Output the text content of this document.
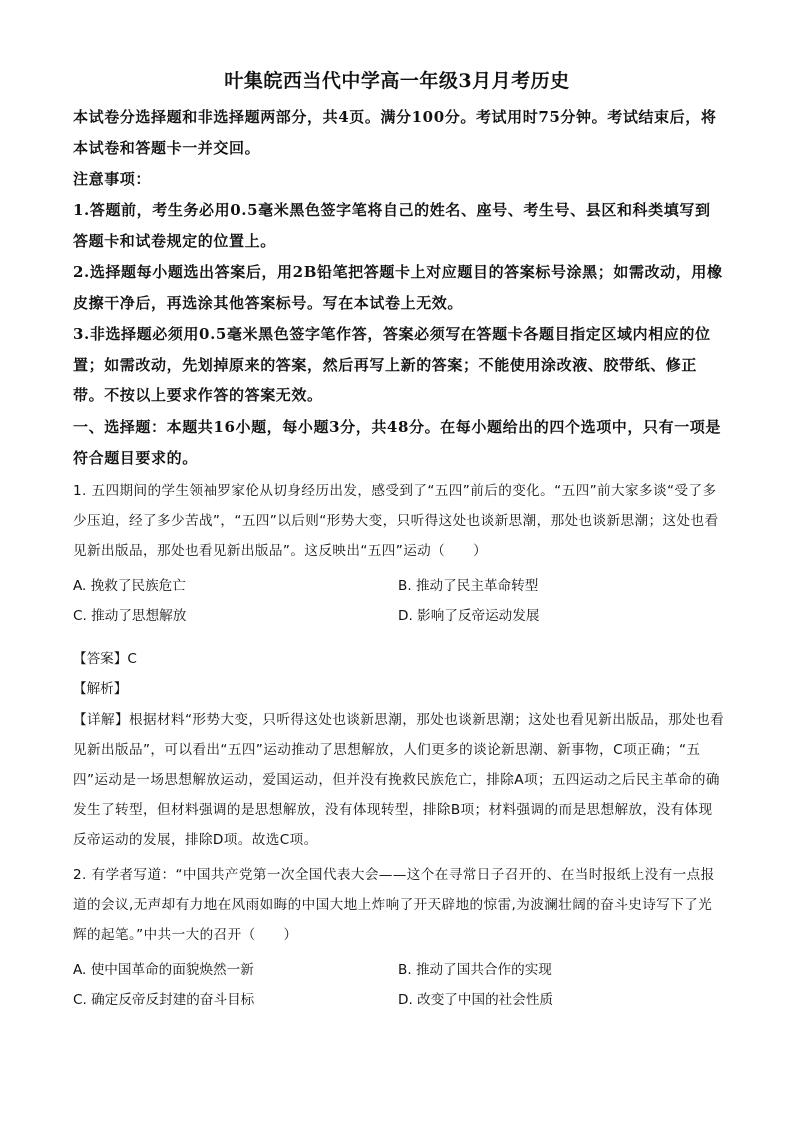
叶集皖西当代中学高一年级3月月考历史
本试卷分选择题和非选择题两部分，共4页。满分100分。考试用时75分钟。考试结束后，将本试卷和答题卡一并交回。
注意事项：
1.答题前，考生务必用0.5毫米黑色签字笔将自己的姓名、座号、考生号、县区和科类填写到答题卡和试卷规定的位置上。
2.选择题每小题选出答案后，用2B铅笔把答题卡上对应题目的答案标号涂黑；如需改动，用橡皮擦干净后，再选涂其他答案标号。写在本试卷上无效。
3.非选择题必须用0.5毫米黑色签字笔作答，答案必须写在答题卡各题目指定区域内相应的位置；如需改动，先划掉原来的答案，然后再写上新的答案；不能使用涂改液、胶带纸、修正带。不按以上要求作答的答案无效。
一、选择题：本题共16小题，每小题3分，共48分。在每小题给出的四个选项中，只有一项是符合题目要求的。
1. 五四期间的学生领袖罗家伦从切身经历出发，感受到了“五四”前后的变化。“五四”前大家多谈“受了多少压迫，经了多少苦战”，“五四”以后则“形势大变，只听得这处也谈新思潮，那处也谈新思潮；这处也看见新出版品，那处也看见新出版品”。这反映出“五四”运动（　　）
A. 挽救了民族危亡	B. 推动了民主革命转型
C. 推动了思想解放	D. 影响了反帝运动发展
【答案】C
【解析】
【详解】根据材料“形势大变，只听得这处也谈新思潮，那处也谈新思潮；这处也看见新出版品，那处也看见新出版品”，可以看出“五四”运动推动了思想解放，人们更多的谈论新思潮、新事物，C项正确；“五四”运动是一场思想解放运动，爱国运动，但并没有挽救民族危亡，排除A项；五四运动之后民主革命的确发生了转型，但材料强调的是思想解放，没有体现转型，排除B项；材料强调的而是思想解放，没有体现反帝运动的发展，排除D项。故选C项。
2. 有学者写道：“中国共产党第一次全国代表大会——这个在寻常日子召开的、在当时报纸上没有一点报道的会议,无声却有力地在风雨如晦的中国大地上炸响了开天辟地的惊雷,为波澜壮阔的奋斗史诗写下了光辉的起笔。”中共一大的召开（　　）
A. 使中国革命的面貌焕然一新	B. 推动了国共合作的实现
C. 确定反帝反封建的奋斗目标	D. 改变了中国的社会性质
